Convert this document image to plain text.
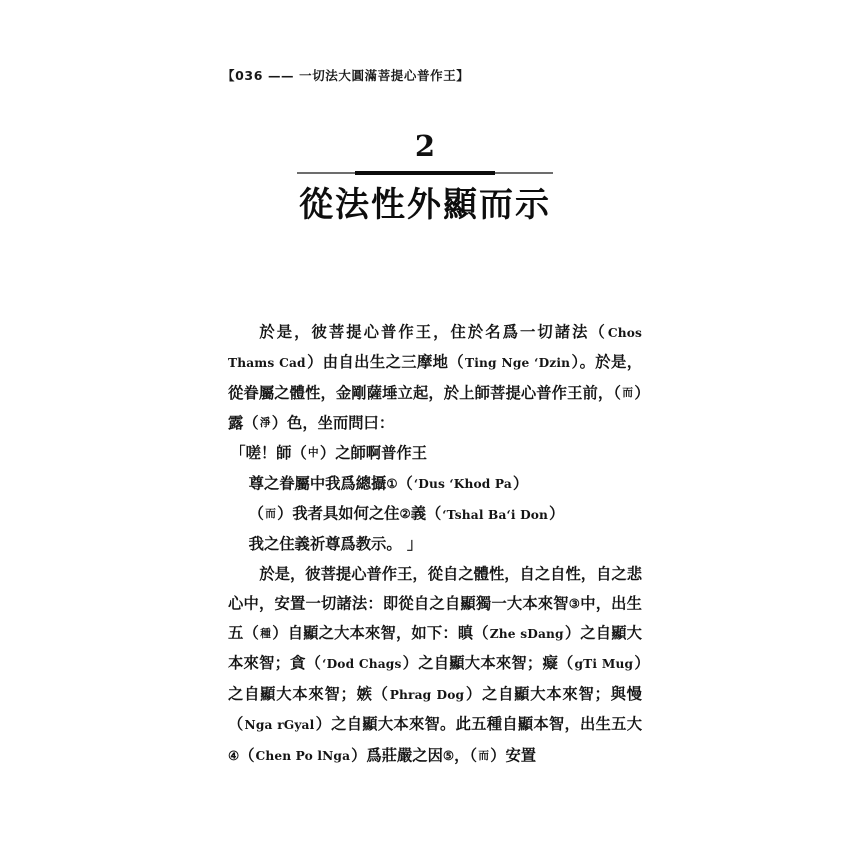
【036 —— 一切法大圓滿菩提心普作王】
2
從法性外顯而示

於是，彼菩提心普作王，住於名爲一切諸法（Chos Thams Cad）由自出生之三摩地（Ting Nge ʻDzin）。於是，從眷屬之體性，金剛薩埵立起，於上師菩提心普作王前，（而）露（淨）色，坐而問曰：

「嗟！師（中）之師啊普作王

尊之眷屬中我爲總攝①（ʻDus ʻKhod Pa）

（而）我者具如何之住②義（ʻTshal Baʻi Don）

我之住義祈尊爲教示。 」

於是，彼菩提心普作王，從自之體性，自之自性，自之悲心中，安置一切諸法：即從自之自顯獨一大本來智③中，出生五（種）自顯之大本來智，如下：瞋（Zhe sDang）之自顯大本來智；貪（ʻDod Chags）之自顯大本來智；癡（gTi Mug）之自顯大本來智；嫉（Phrag Dog）之自顯大本來智；與慢（Nga rGyal）之自顯大本來智。此五種自顯本智，出生五大④（Chen Po lNga）爲莊嚴之因⑤，（而）安置
